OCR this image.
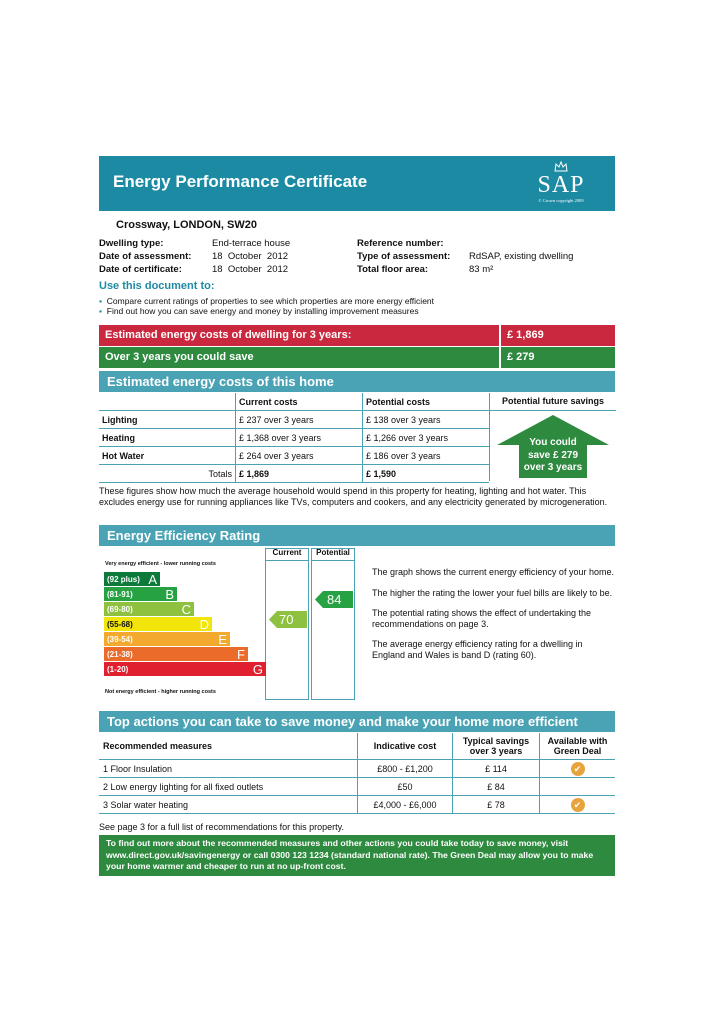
Energy Performance Certificate	SAP
© Crown copyright 2009
Crossway, LONDON, SW20
Dwelling type:	End-terrace house
Date of assessment: 18  October  2012
Date of certificate:	18  October  2012
Reference number:
Type of assessment: RdSAP, existing dwelling
Total floor area:	83 m²
Use this document to:
▪ Compare current ratings of properties to see which properties are more energy efficient
▪ Find out how you can save energy and money by installing improvement measures
Estimated energy costs of dwelling for 3 years:	£ 1,869
Over 3 years you could save	£ 279
Estimated energy costs of this home
	Current costs	Potential costs
Lighting	£ 237 over 3 years	£ 138 over 3 years
Heating	£ 1,368 over 3 years	£ 1,266 over 3 years
Hot Water	£ 264 over 3 years	£ 186 over 3 years
Totals	£ 1,869	£ 1,590
Potential future savings
You could
save £ 279
over 3 years
These figures show how much the average household would spend in this property for heating, lighting and hot water. This excludes energy use for running appliances like TVs, computers and cookers, and any electricity generated by microgeneration.
Energy Efficiency Rating
Current	Potential
Very energy efficient - lower running costs
Not energy efficient - higher running costs
(92 plus) A
(81-91)	B
(69-80)	C
(55-68)	D
(39-54)	E
(21-38)	F
(1-20)	G
70
84
The graph shows the current energy efficiency of your home.
The higher the rating the lower your fuel bills are likely to be.
The potential rating shows the effect of undertaking the recommendations on page 3.
The average energy efficiency rating for a dwelling in England and Wales is band D (rating 60).
Top actions you can take to save money and make your home more efficient
Recommended measures	Indicative cost	Typical savings over 3 years	Available with Green Deal
1 Floor Insulation	£800 - £1,200	£ 114	✔
2 Low energy lighting for all fixed outlets	£50	£ 84	
3 Solar water heating	£4,000 - £6,000	£ 78	✔
See page 3 for a full list of recommendations for this property.
To find out more about the recommended measures and other actions you could take today to save money, visit www.direct.gov.uk/savingenergy or call 0300 123 1234 (standard national rate). The Green Deal may allow you to make your home warmer and cheaper to run at no up-front cost.
